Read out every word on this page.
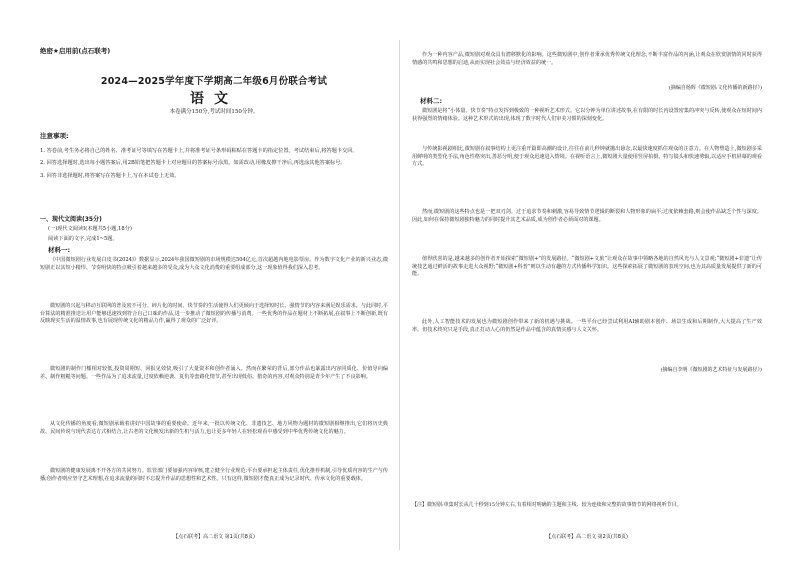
绝密★启用前(点石联考)
2024—2025学年度下学期高二年级6月份联合考试
语文
本卷满分150分,考试时间150分钟。
注意事项:

1. 答卷前,考生务必将自己的姓名、准考证号等填写在答题卡上,并将准考证号条形码粘贴在答题卡的指定位置。考试结束后,将答题卡交回。

2. 回答选择题时,选出每小题答案后,用2B铅笔把答题卡上对应题目的答案标号涂黑。如需改动,用橡皮擦干净后,再选涂其他答案标号。

3. 回答非选择题时,将答案写在答题卡上,写在本试卷上无效。

一、现代文阅读(35分)
(一)现代文阅读Ⅰ(本题共5小题,18分)
阅读下面的文字,完成1~5题。
材料一:

《中国微短剧行业发展白皮书(2024)》数据显示,2024年我国微短剧的市场规模达504亿元,首次超越内地电影票房。作为数字文化产业的新兴业态,微短剧正以其短小精悍、节奏明快的特点吸引着越来越多的受众,成为大众文化消费的重要组成部分,这一现象值得我们深入思考。

微短剧的兴起与移动互联网的普及密不可分。碎片化的时间、快节奏的生活使得人们更倾向于选择短时长、强情节的内容来满足娱乐需求。与此同时,平台算法的精准推送让用户能够迅速找到符合自己口味的作品,进一步推动了微短剧的传播与消费。一些优秀的作品在题材上不断拓展,在叙事上不断创新,既有反映现实生活的温情故事,也有展现传统文化的精品力作,赢得了观众的广泛好评。

微短剧的制作门槛相对较低,投资周期短、回报见效快,吸引了大量资本和创作者涌入。然而在繁荣的背后,部分作品也暴露出内容同质化、价值导向偏差、制作粗糙等问题。一些作品为了追求流量,过度依赖逆袭、复仇等套路化情节,甚至出现低俗、猎奇的内容,对观众特别是青少年产生了不良影响。

从文化传播的角度看,微短剧承载着讲好中国故事的重要使命。近年来,一批以传统文化、非遗技艺、地方风物为题材的微短剧相继推出,它们将历史典故、民间传说与现代表达方式相结合,让古老的文化焕发出新的生机与活力,也让更多年轻人在轻松观看中感受到中华优秀传统文化的魅力。

微短剧的健康发展离不开各方的共同努力。监管部门要加强内容审核,建立健全行业规范;平台要承担起主体责任,优化推荐机制,引导优质内容的生产与传播;创作者则应坚守艺术理想,在追求流量的同时不忘提升作品的思想性和艺术性。只有这样,微短剧才能真正成为记录时代、传承文化的重要载体。

【点石联考】高二语文 第1页(共8页)

作为一种内容产品,微短剧对观众具有潜移默化的影响。这些微短剧中,创作者秉承优秀传统文化理念,不断丰富作品的内涵,让观众在欣赏剧情的同时获得情感的共鸣和思想的启迪,从而实现社会效益与经济效益的统一。

(摘编自杨辉《微短剧:文化传播的新路径》)
材料二:

微短剧是将“小体量、快节奏”特点发挥到极致的一种视听艺术形式。它以分钟为单位讲述故事,在有限的时长内设置密集的冲突与反转,使观众在短时间内获得强烈的情绪体验。这种艺术形式的出现,体现了数字时代人们审美习惯的深刻变化。

与传统影视剧相比,微短剧在叙事结构上更注重开篇即高潮的设计,往往在前几秒钟就抛出悬念,以最快速度抓住观众的注意力。在人物塑造上,微短剧多采用鲜明的类型化手法,角色性格突出,善恶分明,便于观众迅速进入情境。在视听语言上,微短剧大量使用竖屏拍摄、特写镜头和快速剪辑,以适应手机屏幕的观看方式。

然而,微短剧的这些特点也是一把双刃剑。过于追求节奏和刺激,容易导致情节逻辑的断裂和人物形象的扁平;过度依赖套路,则会使作品缺乏个性与深度。因此,如何在保持微短剧独特魅力的同时提升其艺术品质,成为创作者必须面对的课题。

值得欣喜的是,越来越多的创作者开始探索“微短剧+”的发展路径。“微短剧+文旅”让观众在故事中领略各地的自然风光与人文景观;“微短剧+非遗”让传统技艺通过鲜活的故事走进大众视野;“微短剧+科普”则以生动有趣的方式传播科学知识。这些探索拓展了微短剧的表现空间,也为其高质量发展提供了新的可能。

此外,人工智能技术的发展也为微短剧创作带来了新的机遇与挑战。一些平台已经尝试利用AI辅助剧本创作、场景生成和后期制作,大大提高了生产效率。但技术终究只是手段,真正打动人心的仍然是作品中蕴含的真情实感与人文关怀。

(摘编自李明《微短剧的艺术特征与发展路径》)
【注】微短剧:单集时长从几十秒到15分钟左右,有着相对明确的主题和主线、较为连续和完整的故事情节的网络视听节目。
【点石联考】高二语文 第2页(共8页)
